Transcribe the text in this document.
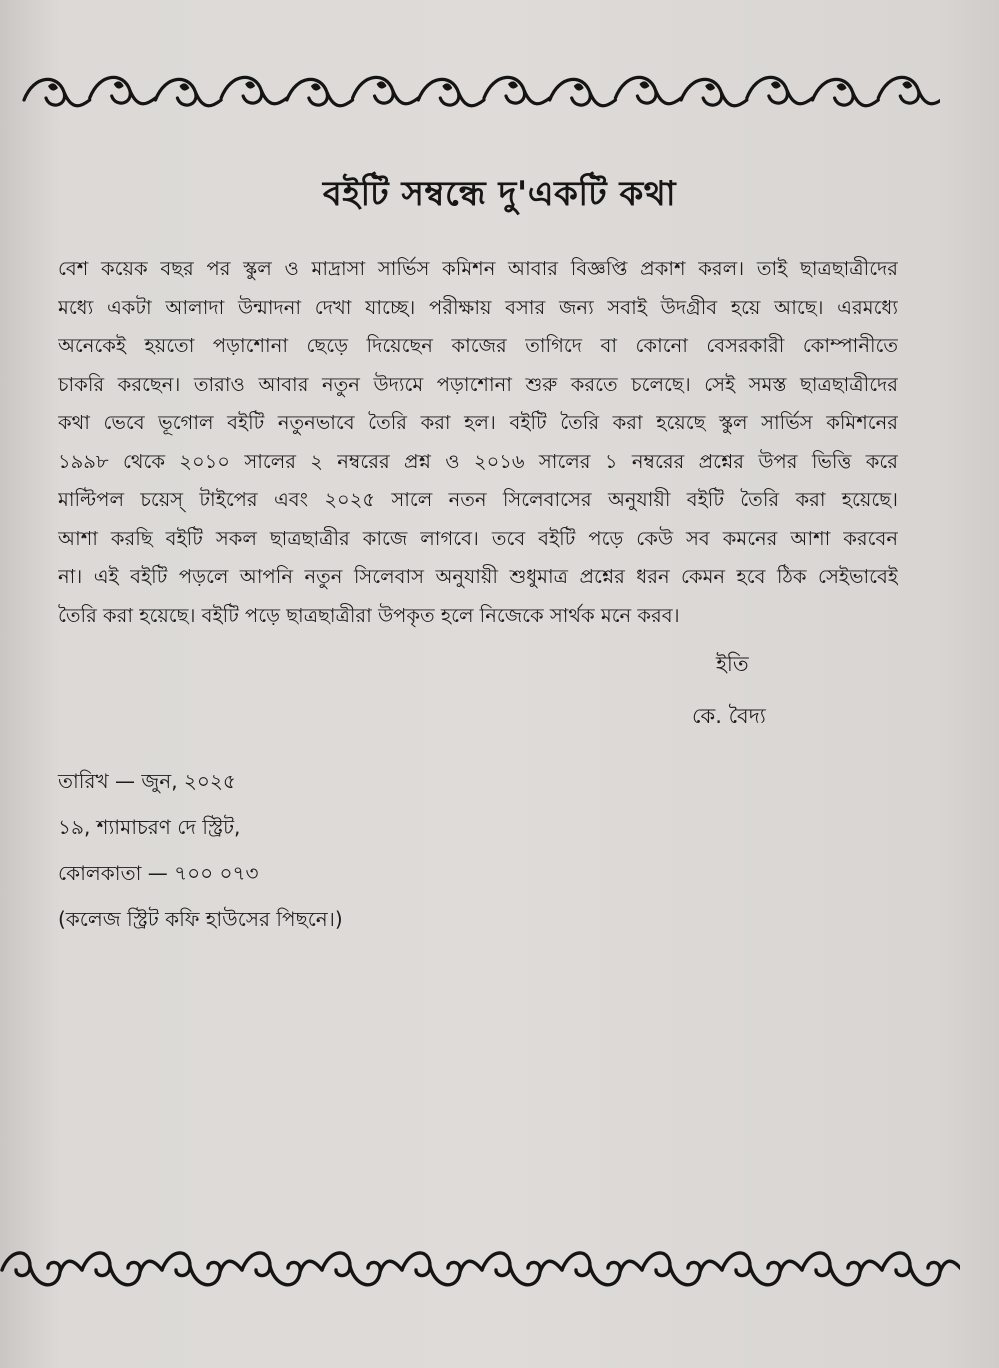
বইটি সম্বন্ধে দু'একটি কথা
বেশ কয়েক বছর পর স্কুল ও মাদ্রাসা সার্ভিস কমিশন আবার বিজ্ঞপ্তি প্রকাশ করল। তাই ছাত্রছাত্রীদের
মধ্যে একটা আলাদা উন্মাদনা দেখা যাচ্ছে। পরীক্ষায় বসার জন্য সবাই উদগ্রীব হয়ে আছে। এরমধ্যে
অনেকেই হয়তো পড়াশোনা ছেড়ে দিয়েছেন কাজের তাগিদে বা কোনো বেসরকারী কোম্পানীতে
চাকরি করছেন। তারাও আবার নতুন উদ্যমে পড়াশোনা শুরু করতে চলেছে। সেই সমস্ত ছাত্রছাত্রীদের
কথা ভেবে ভূগোল বইটি নতুনভাবে তৈরি করা হল। বইটি তৈরি করা হয়েছে স্কুল সার্ভিস কমিশনের
১৯৯৮ থেকে ২০১০ সালের ২ নম্বরের প্রশ্ন ও ২০১৬ সালের ১ নম্বরের প্রশ্নের উপর ভিত্তি করে
মাল্টিপল চয়েস্ টাইপের এবং ২০২৫ সালে নতন সিলেবাসের অনুযায়ী বইটি তৈরি করা হয়েছে।
আশা করছি বইটি সকল ছাত্রছাত্রীর কাজে লাগবে। তবে বইটি পড়ে কেউ সব কমনের আশা করবেন
না। এই বইটি পড়লে আপনি নতুন সিলেবাস অনুযায়ী শুধুমাত্র প্রশ্নের ধরন কেমন হবে ঠিক সেইভাবেই
তৈরি করা হয়েছে। বইটি পড়ে ছাত্রছাত্রীরা উপকৃত হলে নিজেকে সার্থক মনে করব।
ইতি
কে. বৈদ্য
তারিখ — জুন, ২০২৫
১৯, শ্যামাচরণ দে স্ট্রিট,
কোলকাতা — ৭০০ ০৭৩
(কলেজ স্ট্রিট কফি হাউসের পিছনে।)
